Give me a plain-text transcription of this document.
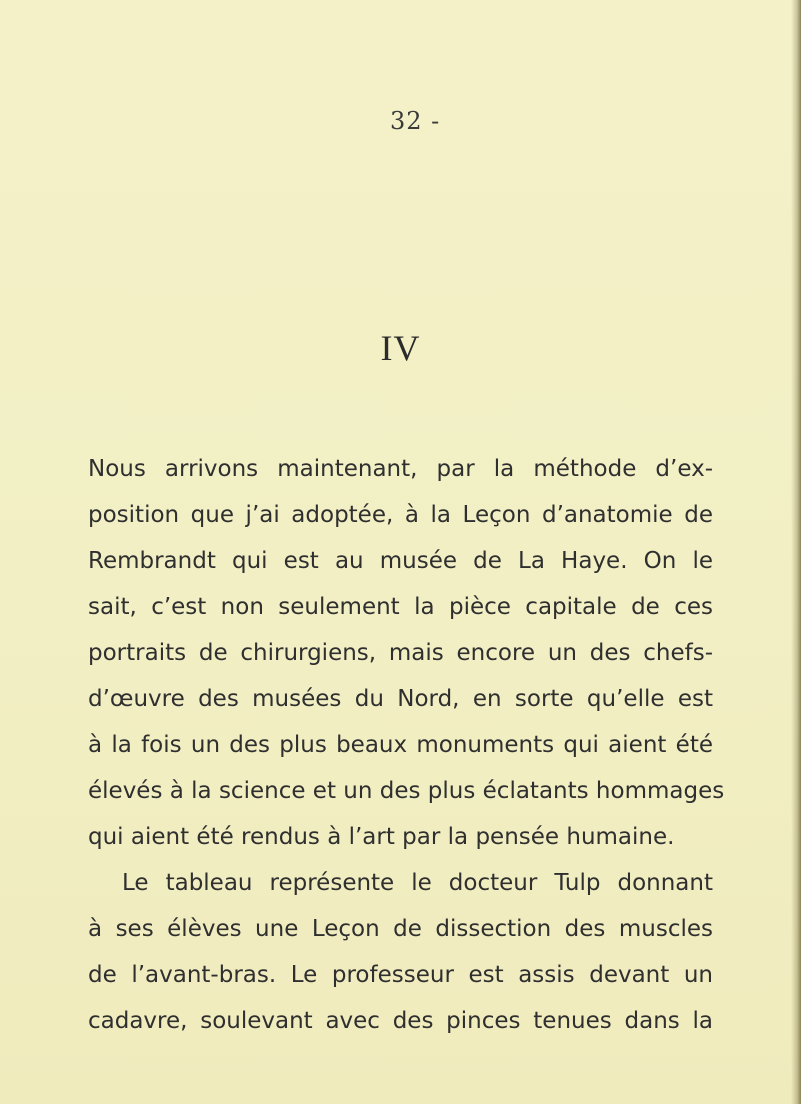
32 -

IV
Nous arrivons maintenant, par la méthode d’ex-
position que j’ai adoptée, à la Leçon d’anatomie de
Rembrandt qui est au musée de La Haye. On le
sait, c’est non seulement la pièce capitale de ces
portraits de chirurgiens, mais encore un des chefs-
d’œuvre des musées du Nord, en sorte qu’elle est
à la fois un des plus beaux monuments qui aient été
élevés à la science et un des plus éclatants hommages
qui aient été rendus à l’art par la pensée humaine.
Le tableau représente le docteur Tulp donnant
à ses élèves une Leçon de dissection des muscles
de l’avant-bras. Le professeur est assis devant un
cadavre, soulevant avec des pinces tenues dans la
